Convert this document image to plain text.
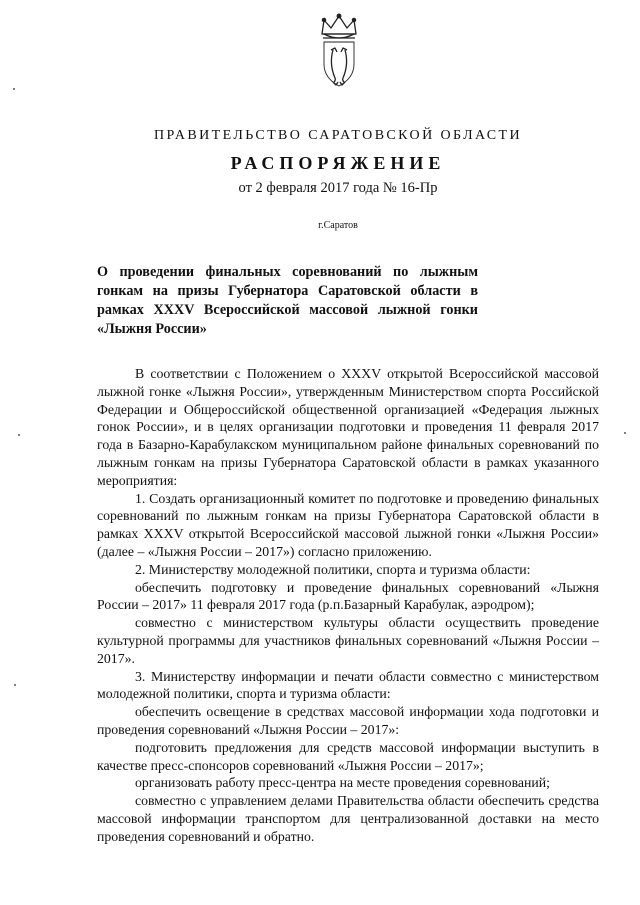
ПРАВИТЕЛЬСТВО САРАТОВСКОЙ ОБЛАСТИ
РАСПОРЯЖЕНИЕ
от 2 февраля 2017 года № 16-Пр
г.Саратов
О проведении финальных соревнований по лыжным гонкам на призы Губернатора Саратовской области в рамках XXXV Всероссийской массовой лыжной гонки «Лыжня России»

В соответствии с Положением о XXXV открытой Всероссийской массовой лыжной гонке «Лыжня России», утвержденным Министерством спорта Российской Федерации и Общероссийской общественной организацией «Федерация лыжных гонок России», и в целях организации подготовки и проведения 11 февраля 2017 года в Базарно-Карабулакском муниципальном районе финальных соревнований по лыжным гонкам на призы Губернатора Саратовской области в рамках указанного мероприятия:

1. Создать организационный комитет по подготовке и проведению финальных соревнований по лыжным гонкам на призы Губернатора Саратовской области в рамках XXXV открытой Всероссийской массовой лыжной гонки «Лыжня России» (далее – «Лыжня России – 2017») согласно приложению.

2. Министерству молодежной политики, спорта и туризма области:

обеспечить подготовку и проведение финальных соревнований «Лыжня России – 2017» 11 февраля 2017 года (р.п.Базарный Карабулак, аэродром);

совместно с министерством культуры области осуществить проведение культурной программы для участников финальных соревнований «Лыжня России – 2017».

3. Министерству информации и печати области совместно с министерством молодежной политики, спорта и туризма области:

обеспечить освещение в средствах массовой информации хода подготовки и проведения соревнований «Лыжня России – 2017»:

подготовить предложения для средств массовой информации выступить в качестве пресс-спонсоров соревнований «Лыжня России – 2017»;

организовать работу пресс-центра на месте проведения соревнований;

совместно с управлением делами Правительства области обеспечить средства массовой информации транспортом для централизованной доставки на место проведения соревнований и обратно.
